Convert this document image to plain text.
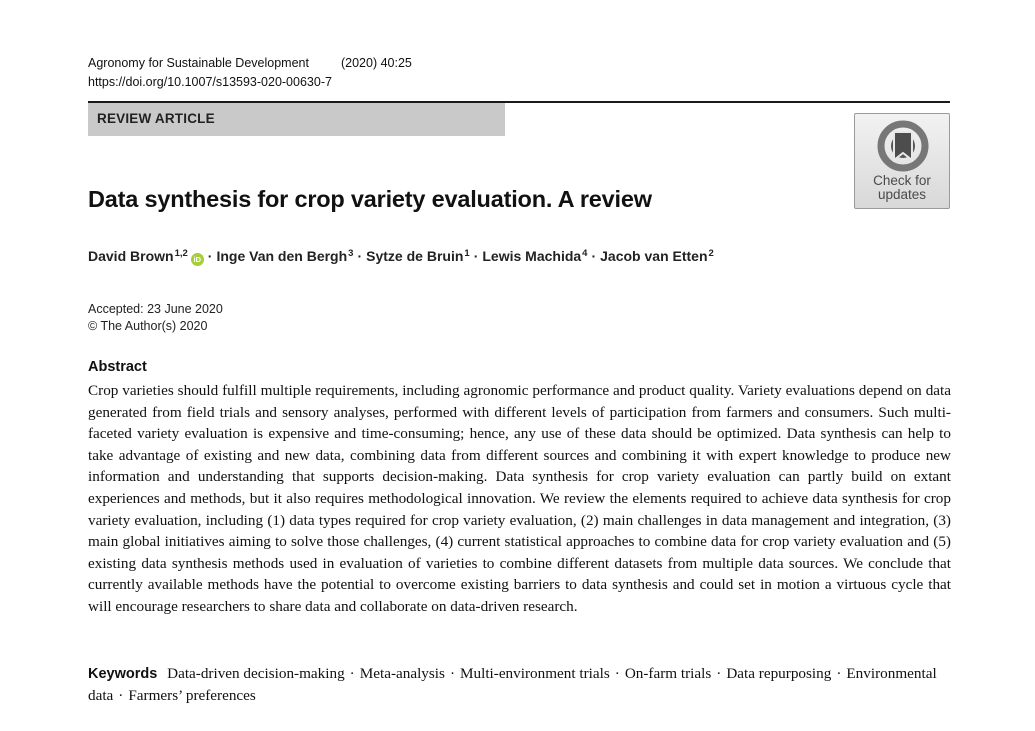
Agronomy for Sustainable Development	(2020) 40:25
https://doi.org/10.1007/s13593-020-00630-7
REVIEW ARTICLE
Check for
updates
Data synthesis for crop variety evaluation. A review
David Brown$^{1,2}$iD · Inge Van den Bergh$^3$ · Sytze de Bruin$^1$ · Lewis Machida$^4$ · Jacob van Etten$^2$
Accepted: 23 June 2020
© The Author(s) 2020
Abstract
Crop varieties should fulfill multiple requirements, including agronomic performance and product quality. Variety evaluations depend on data generated from field trials and sensory analyses, performed with different levels of participation from farmers and consumers. Such multi-faceted variety evaluation is expensive and time-consuming; hence, any use of these data should be optimized. Data synthesis can help to take advantage of existing and new data, combining data from different sources and combining it with expert knowledge to produce new information and understanding that supports decision-making. Data synthesis for crop variety evaluation can partly build on extant experiences and methods, but it also requires methodological innovation. We review the elements required to achieve data synthesis for crop variety evaluation, including (1) data types required for crop variety evaluation, (2) main challenges in data management and integration, (3) main global initiatives aiming to solve those challenges, (4) current statistical approaches to combine data for crop variety evaluation and (5) existing data synthesis methods used in evaluation of varieties to combine different datasets from multiple data sources. We conclude that currently available methods have the potential to overcome existing barriers to data synthesis and could set in motion a virtuous cycle that will encourage researchers to share data and collaborate on data-driven research.
Keywords Data-driven decision-making · Meta-analysis · Multi-environment trials · On-farm trials · Data repurposing · Environmental data · Farmers’ preferences
